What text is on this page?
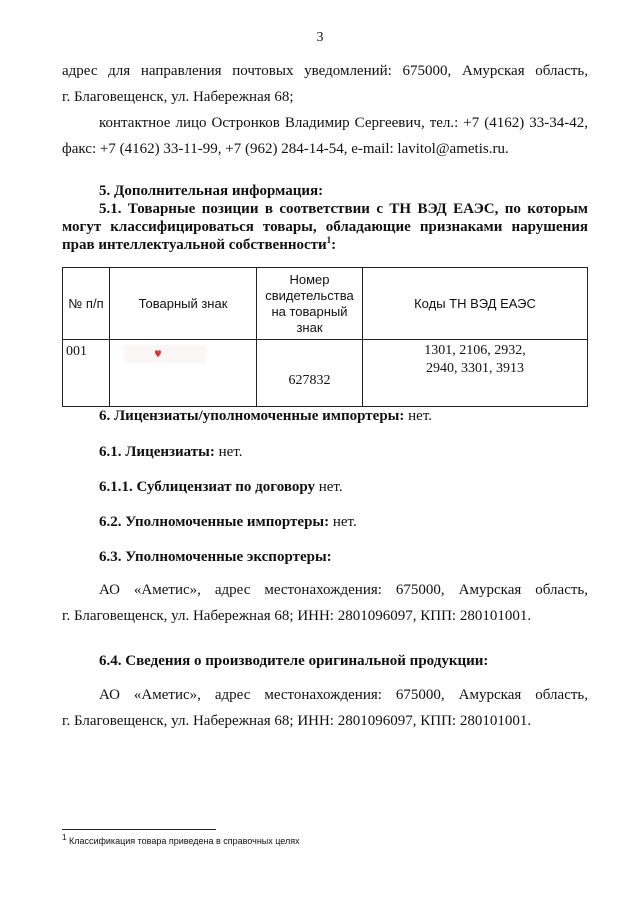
3
адрес для направления почтовых уведомлений: 675000, Амурская область,
г. Благовещенск, ул. Набережная 68;
контактное лицо Остронков Владимир Сергеевич, тел.: +7 (4162) 33-34-42,
факс: +7 (4162) 33-11-99, +7 (962) 284-14-54, e-mail: lavitol@ametis.ru.
5. Дополнительная информация:
5.1. Товарные позиции в соответствии с ТН ВЭД ЕАЭС, по которым
могут классифицироваться товары, обладающие признаками нарушения
прав интеллектуальной собственности$^1$:
№ п/п	Товарный знак	Номер свидетельства на товарный знак	Коды ТН ВЭД ЕАЭС
001		627832	1301, 2106, 2932,
2940, 3301, 3913
6. Лицензиаты/уполномоченные импортеры: нет.
6.1. Лицензиаты: нет.
6.1.1. Сублицензиат по договору нет.
6.2. Уполномоченные импортеры: нет.
6.3. Уполномоченные экспортеры:
АО «Аметис», адрес местонахождения: 675000, Амурская область,
г. Благовещенск, ул. Набережная 68; ИНН: 2801096097, КПП: 280101001.
6.4. Сведения о производителе оригинальной продукции:
АО «Аметис», адрес местонахождения: 675000, Амурская область,
г. Благовещенск, ул. Набережная 68; ИНН: 2801096097, КПП: 280101001.
$^1$ Классификация товара приведена в справочных целях
